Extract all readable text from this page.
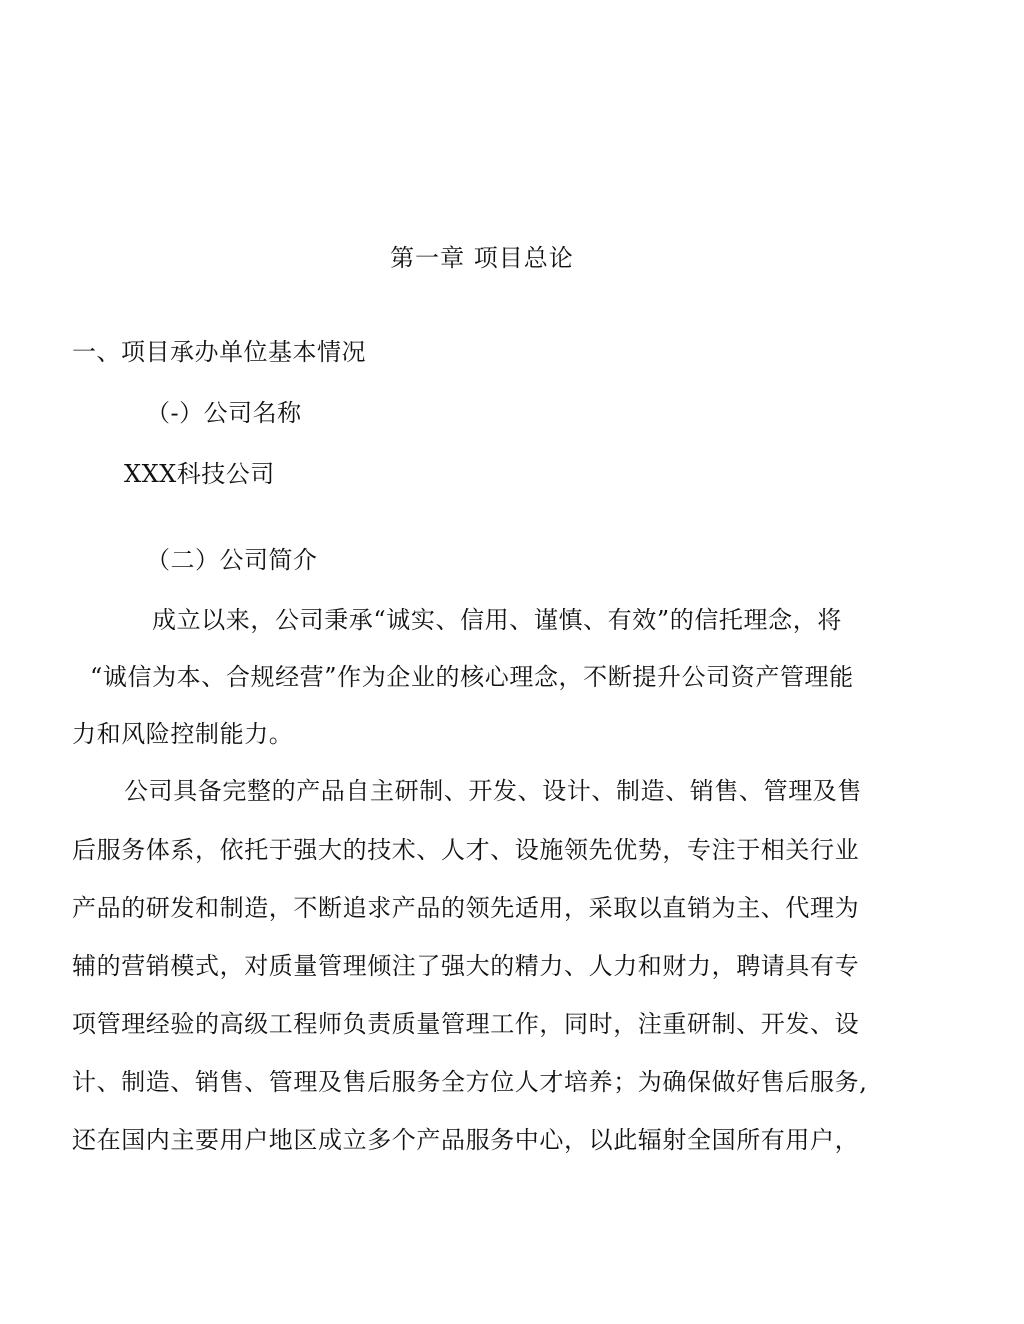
第一章 项目总论
一、项目承办单位基本情况
（-）公司名称
XXX科技公司
（二）公司简介
成立以来，公司秉承“诚实、信用、谨慎、有效”的信托理念，将
“诚信为本、合规经营”作为企业的核心理念，不断提升公司资产管理能
力和风险控制能力。
公司具备完整的产品自主研制、开发、设计、制造、销售、管理及售
后服务体系，依托于强大的技术、人才、设施领先优势，专注于相关行业
产品的研发和制造，不断追求产品的领先适用，采取以直销为主、代理为
辅的营销模式，对质量管理倾注了强大的精力、人力和财力，聘请具有专
项管理经验的高级工程师负责质量管理工作，同时，注重研制、开发、设
计、制造、销售、管理及售后服务全方位人才培养；为确保做好售后服务,
还在国内主要用户地区成立多个产品服务中心，以此辐射全国所有用户，
